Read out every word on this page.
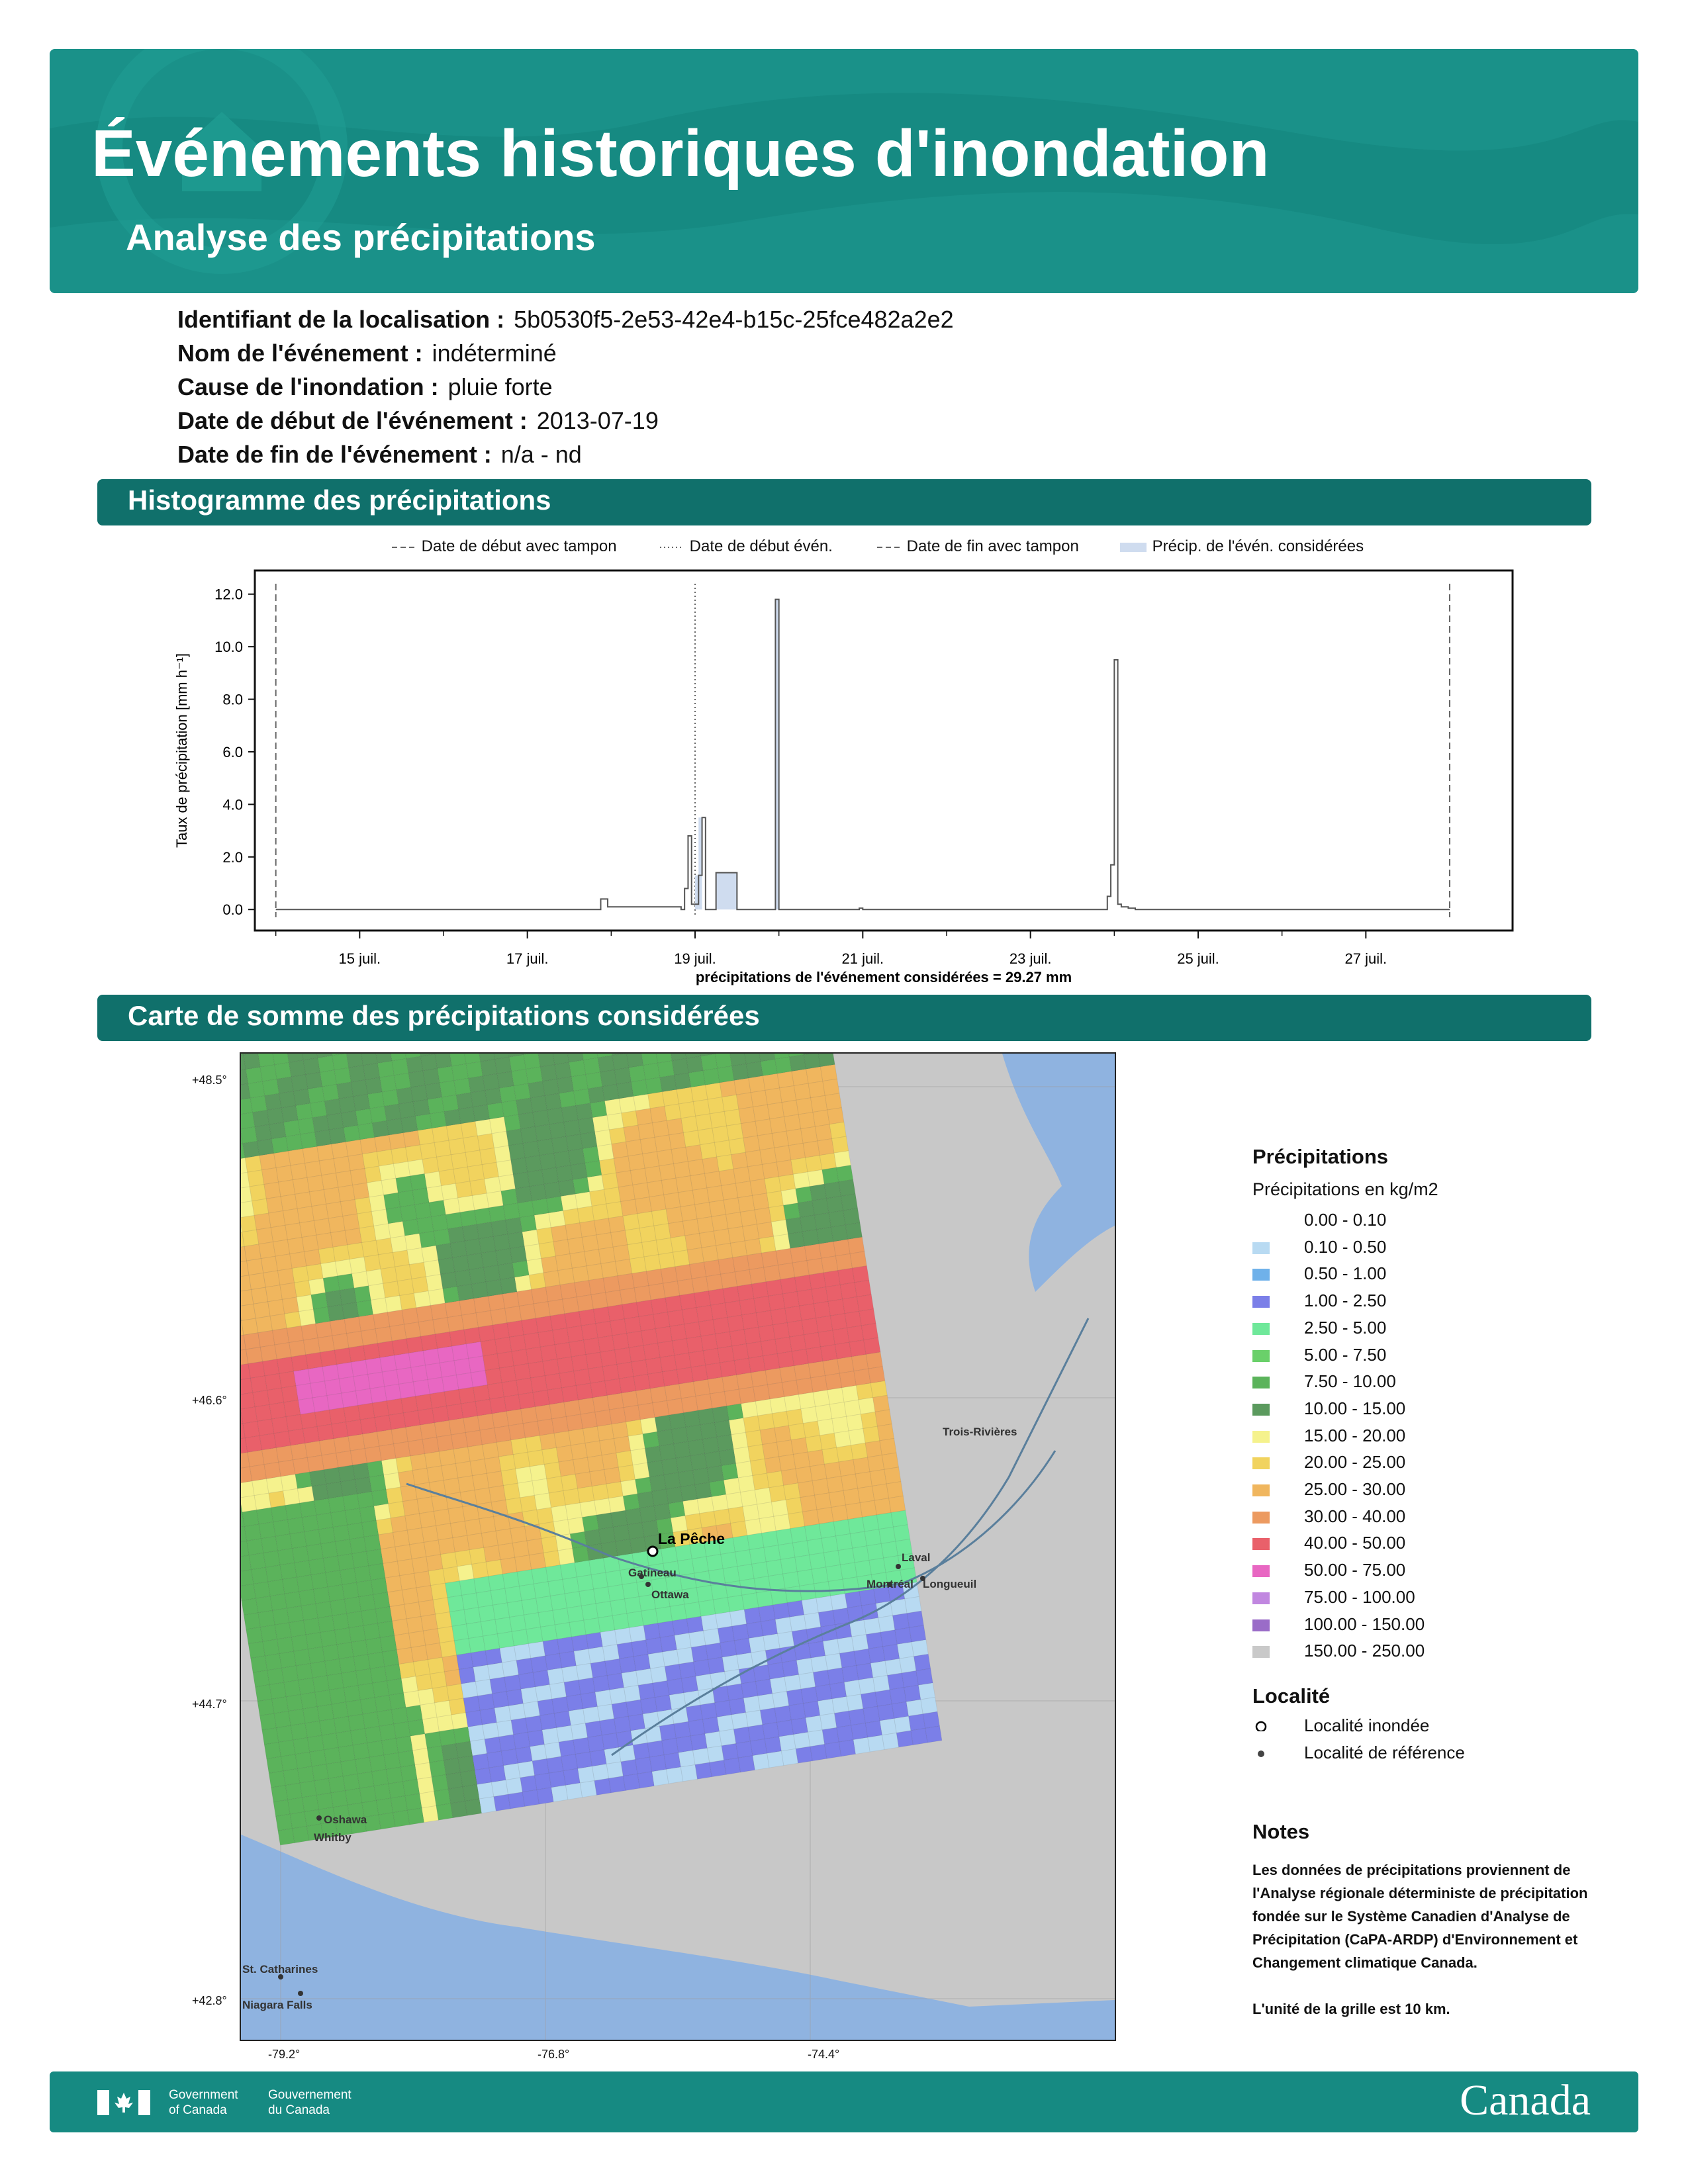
Événements historiques d'inondation
Analyse des précipitations
Identifiant de la localisation : 5b0530f5-2e53-42e4-b15c-25fce482a2e2
Nom de l'événement : indéterminé
Cause de l'inondation : pluie forte
Date de début de l'événement : 2013-07-19
Date de fin de l'événement : n/a - nd
Histogramme des précipitations
Date de début avec tampon	Date de début évén.	Date de fin avec tampon	Précip. de l'évén. considérées
0.0
2.0
4.0
6.0
8.0
10.0
12.0
15 juil.	17 juil.	19 juil.	21 juil.	23 juil.	25 juil.	27 juil.
Taux de précipitation [mm h⁻¹]
précipitations de l'événement considérées = 29.27 mm
Carte de somme des précipitations considérées
+48.5°
+46.6°
+44.7°
+42.8°
-79.2°	-76.8°	-74.4°
La Pêche
Gatineau
Ottawa
Laval
Montréal Longueuil
Trois-Rivières
Oshawa
Whitby
St. Catharines
Niagara Falls
Précipitations
Précipitations en kg/m2
0.00 - 0.10
0.10 - 0.50
0.50 - 1.00
1.00 - 2.50
2.50 - 5.00
5.00 - 7.50
7.50 - 10.00
10.00 - 15.00
15.00 - 20.00
20.00 - 25.00
25.00 - 30.00
30.00 - 40.00
40.00 - 50.00
50.00 - 75.00
75.00 - 100.00
100.00 - 150.00
150.00 - 250.00
Localité
Localité inondée
Localité de référence
Notes
Les données de précipitations proviennent de l'Analyse régionale déterministe de précipitation fondée sur le Système Canadien d'Analyse de Précipitation (CaPA-ARDP) d'Environnement et Changement climatique Canada.
L'unité de la grille est 10 km.
Government
of Canada
Gouvernement
du Canada	Canada
